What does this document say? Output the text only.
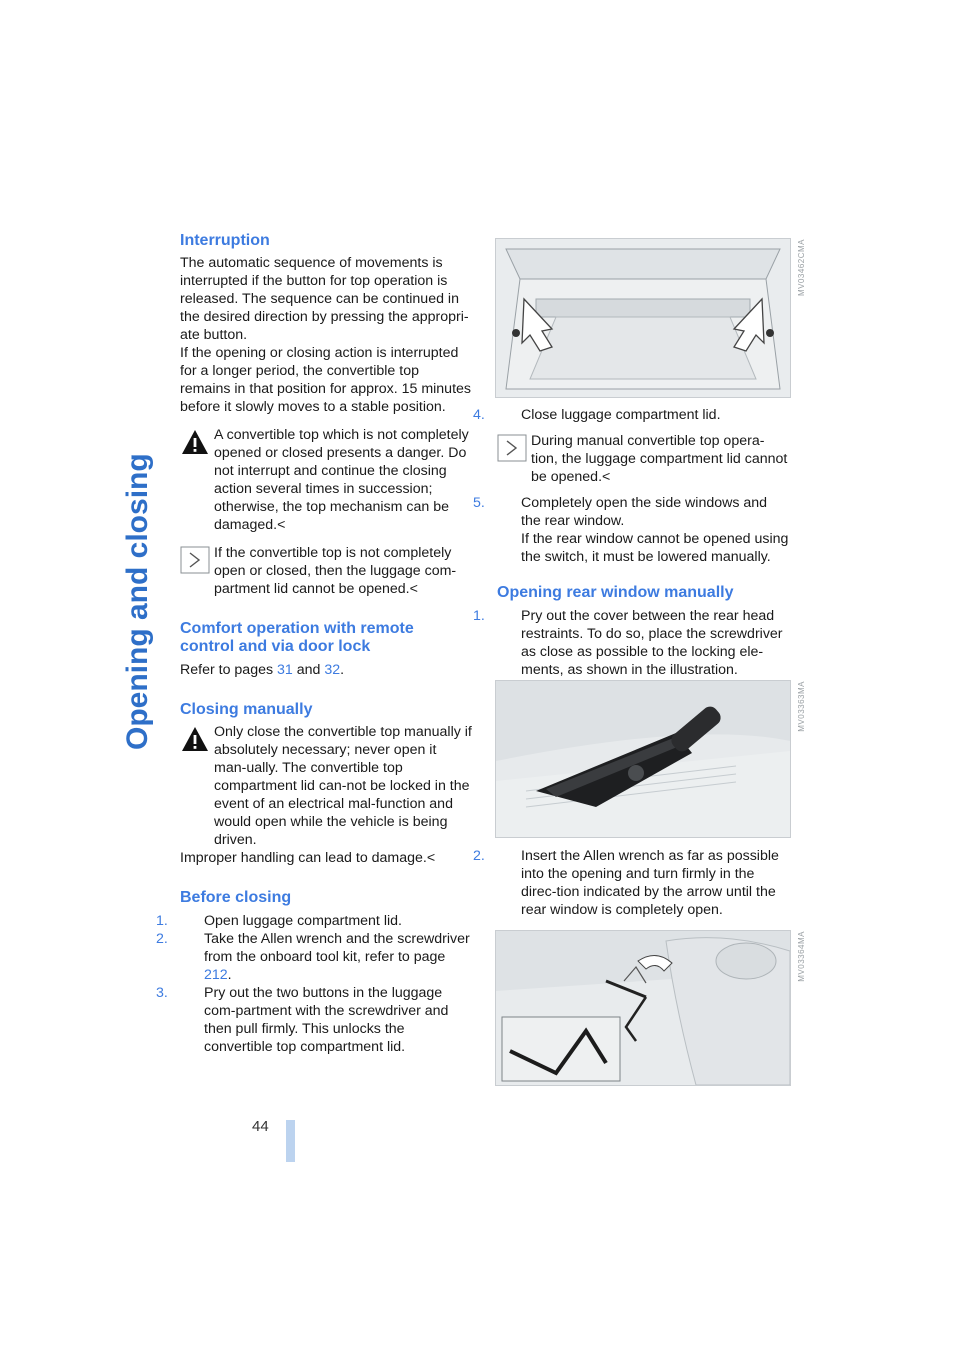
Opening and closing
44
Interruption

The automatic sequence of movements is interrupted if the button for top operation is released. The sequence can be continued in the desired direction by pressing the appropri-ate button.

If the opening or closing action is interrupted for a longer period, the convertible top remains in that position for approx. 15 minutes before it slowly moves to a stable position.

A convertible top which is not completely opened or closed presents a danger. Do not interrupt and continue the closing action several times in succession; otherwise, the top mechanism can be damaged.<

If the convertible top is not completely open or closed, then the luggage com-partment lid cannot be opened.<

Comfort operation with remote control and via door lock

Refer to pages 31 and 32.

Closing manually

Only close the convertible top manually if absolutely necessary; never open it man-ually. The convertible top compartment lid can-not be locked in the event of an electrical mal-function and would open while the vehicle is being driven.

Improper handling can lead to damage.<

Before closing

1.	Open luggage compartment lid.

2.	Take the Allen wrench and the screwdriver from the onboard tool kit, refer to page 212.

3.	Pry out the two buttons in the luggage com-partment with the screwdriver and then pull firmly. This unlocks the convertible top compartment lid.

MV03462CMA

4.	Close luggage compartment lid.

During manual convertible top opera-tion, the luggage compartment lid cannot be opened.<

5.	Completely open the side windows and the rear window.
If the rear window cannot be opened using the switch, it must be lowered manually.

Opening rear window manually

1.	Pry out the cover between the rear head restraints. To do so, place the screwdriver as close as possible to the locking ele-ments, as shown in the illustration.

MV03363MA

2.	Insert the Allen wrench as far as possible into the opening and turn firmly in the direc-tion indicated by the arrow until the rear window is completely open.

MV03364MA
